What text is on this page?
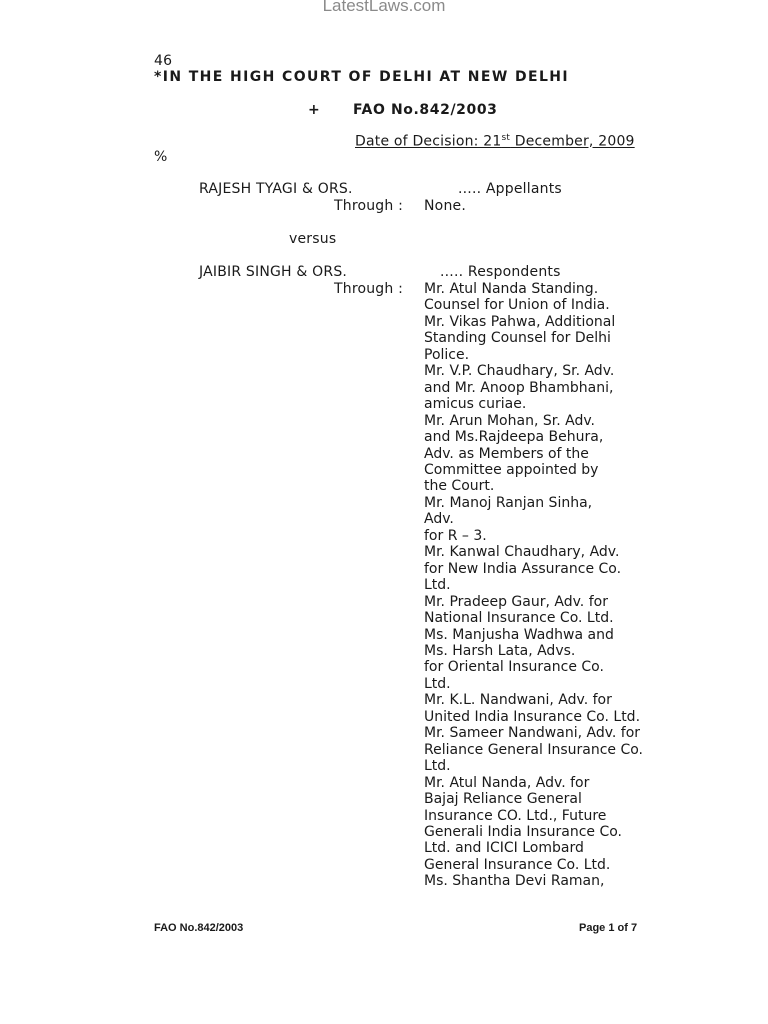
LatestLaws.com
46
*IN THE HIGH COURT OF DELHI AT NEW DELHI
+ FAO No.842/2003
Date of Decision: 21st December, 2009
%
RAJESH TYAGI & ORS.	..... Appellants
Through : None.
versus
JAIBIR SINGH & ORS.	..... Respondents
Through : Mr. Atul Nanda Standing.
Counsel for Union of India.
Mr. Vikas Pahwa, Additional
Standing Counsel for Delhi
Police.
Mr. V.P. Chaudhary, Sr. Adv.
and Mr. Anoop Bhambhani,
amicus curiae.
Mr. Arun Mohan, Sr. Adv.
and Ms.Rajdeepa Behura,
Adv. as Members of the
Committee appointed by
the Court.
Mr. Manoj Ranjan Sinha,
Adv.
for R – 3.
Mr. Kanwal Chaudhary, Adv.
for New India Assurance Co.
Ltd.
Mr. Pradeep Gaur, Adv. for
National Insurance Co. Ltd.
Ms. Manjusha Wadhwa and
Ms. Harsh Lata, Advs.
for Oriental Insurance Co.
Ltd.
Mr. K.L. Nandwani, Adv. for
United India Insurance Co. Ltd.
Mr. Sameer Nandwani, Adv. for
Reliance General Insurance Co.
Ltd.
Mr. Atul Nanda, Adv. for
Bajaj Reliance General
Insurance CO. Ltd., Future
Generali India Insurance Co.
Ltd. and ICICI Lombard
General Insurance Co. Ltd.
Ms. Shantha Devi Raman,
FAO No.842/2003	Page 1 of 7
